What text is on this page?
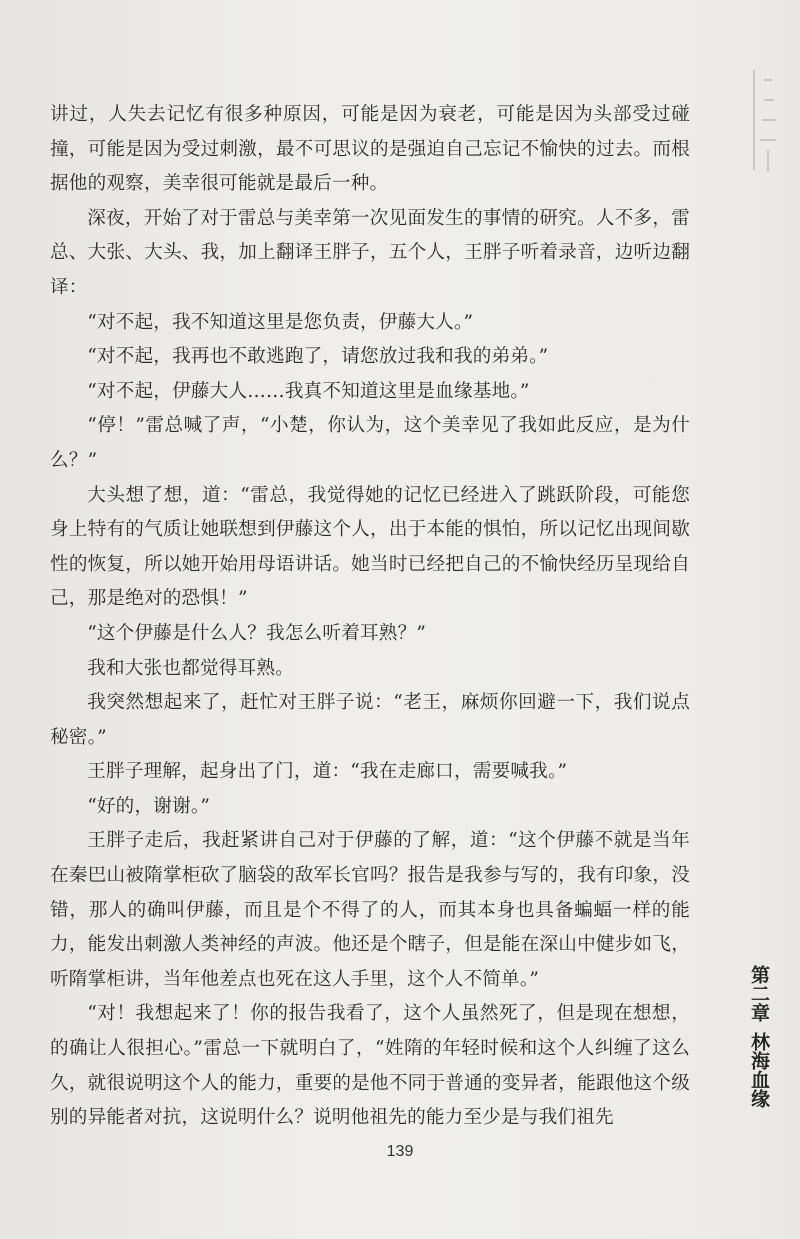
讲过，人失去记忆有很多种原因，可能是因为衰老，可能是因为头部受过碰撞，可能是因为受过刺激，最不可思议的是强迫自己忘记不愉快的过去。而根据他的观察，美幸很可能就是最后一种。

深夜，开始了对于雷总与美幸第一次见面发生的事情的研究。人不多，雷总、大张、大头、我，加上翻译王胖子，五个人，王胖子听着录音，边听边翻译：

“对不起，我不知道这里是您负责，伊藤大人。”

“对不起，我再也不敢逃跑了，请您放过我和我的弟弟。”

“对不起，伊藤大人……我真不知道这里是血缘基地。”

“停！”雷总喊了声，“小楚，你认为，这个美幸见了我如此反应，是为什么？”

大头想了想，道：“雷总，我觉得她的记忆已经进入了跳跃阶段，可能您身上特有的气质让她联想到伊藤这个人，出于本能的惧怕，所以记忆出现间歇性的恢复，所以她开始用母语讲话。她当时已经把自己的不愉快经历呈现给自己，那是绝对的恐惧！”

“这个伊藤是什么人？我怎么听着耳熟？”

我和大张也都觉得耳熟。

我突然想起来了，赶忙对王胖子说：“老王，麻烦你回避一下，我们说点秘密。”

王胖子理解，起身出了门，道：“我在走廊口，需要喊我。”

“好的，谢谢。”

王胖子走后，我赶紧讲自己对于伊藤的了解，道：“这个伊藤不就是当年在秦巴山被隋掌柜砍了脑袋的敌军长官吗？报告是我参与写的，我有印象，没错，那人的确叫伊藤，而且是个不得了的人，而其本身也具备蝙蝠一样的能力，能发出刺激人类神经的声波。他还是个瞎子，但是能在深山中健步如飞，听隋掌柜讲，当年他差点也死在这人手里，这个人不简单。”

“对！我想起来了！你的报告我看了，这个人虽然死了，但是现在想想，的确让人很担心。”雷总一下就明白了，“姓隋的年轻时候和这个人纠缠了这么久，就很说明这个人的能力，重要的是他不同于普通的变异者，能跟他这个级别的异能者对抗，这说明什么？说明他祖先的能力至少是与我们祖先

第二章
林海血缘
139
